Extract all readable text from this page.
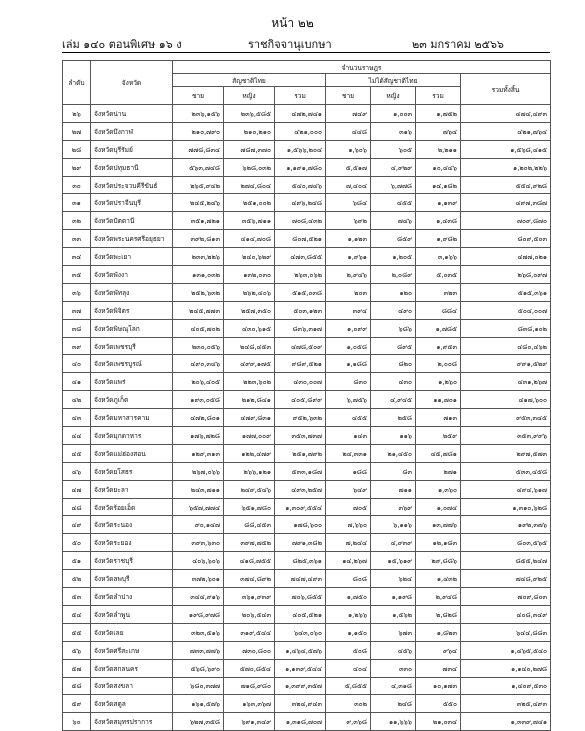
หน้า ๒๒
เล่ม ๑๔๐ ตอนพิเศษ ๑๖ ง	ราชกิจจานุเบกษา	๒๓ มกราคม ๒๕๖๖
ลำดับ	จังหวัด	จำนวนราษฎร						
		สัญชาติไทย			ไม่ได้สัญชาติไทย			รวมทั้งสิ้น
		ชาย	หญิง	รวม	ชาย	หญิง	รวม	
๒๖	จังหวัดน่าน	๒๓๖,๑๕๖	๒๓๖,๕๘๕	๔๗๒,๗๔๑	๗๔๙	๑,๐๐๓	๑,๗๕๒	๔๗๔,๔๙๓
๒๗	จังหวัดบึงกาฬ	๒๑๐,๗๙๐	๒๑๐,๒๑๐	๔๒๑,๐๐๐	๔๔๘	๓๑๖	๗๖๔	๔๒๑,๗๖๔
๒๘	จังหวัดบุรีรัมย์	๗๗๘,๘๓๔	๗๘๗,๓๗๐	๑,๕๖๖,๒๐๔	๑,๖๐๖	๖๐๕	๒,๒๑๑	๑,๕๖๘,๔๑๕
๒๙	จังหวัดปทุมธานี	๕๖๓,๗๔๘	๖๒๘,๐๓๒	๑,๑๙๑,๗๘๐	๕,๕๑๗	๔,๙๒๙	๑๐,๔๔๖	๑,๒๐๒,๒๒๖
๓๐	จังหวัดประจวบคีรีขันธ์	๒๖๕,๙๔๒	๒๗๔,๘๐๔	๕๔๐,๗๔๖	๗,๔๐๔	๖,๗๗๘	๑๔,๑๘๒	๕๕๔,๙๒๘
๓๑	จังหวัดปราจีนบุรี	๒๔๕,๒๔๖	๒๕๑,๐๐๒	๔๙๖,๒๔๘	๖๘๔	๔๕๕	๑,๑๓๙	๔๙๗,๓๘๗
๓๒	จังหวัดปัตตานี	๓๕๑,๗๒๑	๓๕๖,๗๑๑	๗๐๘,๔๓๒	๖๙๒	๗๔๖	๑,๔๓๘	๗๐๙,๘๗๐
๓๓	จังหวัดพระนครศรีอยุธยา	๓๙๒,๘๑๓	๔๑๔,๗๐๘	๘๐๗,๕๒๑	๑,๑๒๓	๘๕๙	๑,๙๘๒	๘๐๙,๕๐๓
๓๔	จังหวัดพะเยา	๒๓๓,๒๒๖	๒๔๐,๖๒๙	๔๗๓,๘๕๕	๑,๙๖๑	๑,๒๐๕	๓,๑๖๖	๔๗๗,๐๒๑
๓๕	จังหวัดพังงา	๑๓๑,๐๓๒	๑๓๒,๐๓๐	๒๖๓,๐๖๒	๒,๙๔๖	๒,๐๘๙	๕,๐๓๕	๒๖๘,๐๙๗
๓๖	จังหวัดพัทลุง	๒๕๒,๖๓๒	๒๖๒,๔๐๖	๕๑๕,๐๓๘	๒๐๓	๑๒๐	๓๒๓	๕๑๕,๓๖๑
๓๗	จังหวัดพิจิตร	๒๔๕,๗๗๓	๒๕๗,๓๕๐	๕๐๓,๑๒๓	๓๙๔	๔๙๐	๘๘๔	๕๐๔,๐๐๗
๓๘	จังหวัดพิษณุโลก	๔๐๕,๗๐๒	๔๓๐,๖๑๕	๘๓๖,๓๑๗	๑,๐๙๙	๖๘๖	๑,๗๘๕	๘๓๘,๑๐๒
๓๙	จังหวัดเพชรบุรี	๒๓๐,๐๕๖	๒๔๘,๔๕๓	๔๗๘,๕๐๙	๑,๐๕๘	๘๙๕	๑,๙๕๓	๔๘๐,๔๖๒
๔๐	จังหวัดเพชรบูรณ์	๔๙๐,๓๔๖	๔๙๙,๑๗๕	๙๘๙,๕๒๑	๑,๑๘๘	๘๒๐	๒,๐๐๘	๙๙๑,๕๒๙
๔๑	จังหวัดแพร่	๒๐๖,๔๐๕	๒๒๓,๖๐๒	๔๓๐,๐๐๗	๘๓๐	๔๓๐	๑,๒๖๐	๔๓๑,๒๖๗
๔๒	จังหวัดภูเก็ต	๑๙๓,๐๕๘	๒๑๒,๘๔๑	๔๐๕,๘๙๙	๖,๗๕๖	๔,๙๔๕	๑๑,๗๐๑	๔๑๗,๖๐๐
๔๓	จังหวัดมหาสารคาม	๔๗๒,๘๐๑	๔๗๙,๘๓๑	๙๕๒,๖๓๒	๔๕๕	๒๕๘	๗๑๓	๙๕๓,๓๔๕
๔๔	จังหวัดมุกดาหาร	๑๗๖,๗๒๘	๑๗๗,๐๐๙	๓๕๓,๗๓๗	๑๔๓	๑๑๖	๒๕๙	๓๕๓,๙๙๖
๔๕	จังหวัดแม่ฮ่องสอน	๑๒๙,๓๑๓	๑๒๒,๔๗๙	๒๕๑,๗๙๒	๒๔,๓๓๑	๒๑,๔๕๐	๔๕,๗๘๑	๒๙๗,๕๗๓
๔๖	จังหวัดยโสธร	๒๖๗,๐๖๖	๒๖๖,๑๒๑	๕๓๓,๑๘๗	๑๘๘	๘๓	๒๗๑	๕๓๓,๔๕๘
๔๗	จังหวัดยะลา	๒๔๓,๗๑๑	๒๔๙,๕๔๖	๔๙๓,๒๕๗	๖๔๙	๗๑๑	๑,๓๖๐	๔๙๔,๖๑๗
๔๘	จังหวัดร้อยเอ็ด	๖๕๗,๗๗๔	๖๕๑,๗๘๐	๑,๓๐๙,๕๕๔	๗๐๕	๓๖๙	๑,๐๗๔	๑,๓๑๐,๖๒๘
๔๙	จังหวัดระนอง	๙๐,๑๔๗	๘๘,๔๕๓	๑๗๘,๖๐๐	๗,๖๖๐	๖,๑๑๖	๑๓,๗๗๖	๑๙๒,๓๗๖
๕๐	จังหวัดระยอง	๓๙๓,๖๓๐	๓๙๗,๗๕๒	๗๙๑,๓๘๒	๗,๒๔๔	๔,๙๓๙	๑๒,๑๘๓	๘๐๓,๕๖๕
๕๑	จังหวัดราชบุรี	๔๐๖,๖๐๖	๔๑๘,๗๕๕	๘๒๕,๓๖๑	๑๔,๒๖๗	๑๕,๖๑๙	๒๙,๘๘๖	๘๕๕,๒๔๗
๕๒	จังหวัดลพบุรี	๓๗๒,๖๐๑	๓๗๔,๘๙๒	๗๔๗,๔๙๓	๘๐๘	๖๒๔	๑,๔๓๒	๗๔๘,๙๒๕
๕๓	จังหวัดลำปาง	๓๔๔,๙๑๖	๓๖๑,๙๓๙	๗๐๖,๘๕๕	๑,๗๕๐	๑,๑๙๘	๒,๙๔๘	๗๐๙,๘๐๓
๕๔	จังหวัดลำพูน	๑๙๘,๙๗๘	๒๐๖,๕๔๓	๔๐๕,๕๒๑	๑,๒๖๖	๑,๕๖๒	๒,๘๒๘	๔๐๘,๓๔๙
๕๕	จังหวัดเลย	๓๒๓,๕๑๖	๓๑๙,๕๔๔	๖๔๓,๐๖๐	๑,๑๕๐	๖๗๓	๑,๘๒๓	๖๔๔,๘๘๓
๕๖	จังหวัดศรีสะเกษ	๗๓๓,๗๗๖	๗๓๐,๘๐๐	๑,๔๖๔,๕๗๖	๕๐๘	๔๕๖	๙๖๔	๑,๔๖๕,๕๔๐
๕๗	จังหวัดสกลนคร	๕๖๘,๖๙๐	๕๗๐,๘๕๔	๑,๑๓๙,๕๔๔	๔๐๔	๓๓๐	๗๓๔	๑,๑๔๐,๒๗๘
๕๘	จังหวัดสงขลา	๖๘๐,๓๗๗	๗๑๘,๙๘๐	๑,๓๙๙,๓๕๗	๕,๘๕๕	๔,๓๑๘	๑๐,๑๗๓	๑,๔๐๙,๕๓๐
๕๙	จังหวัดสตูล	๑๖๑,๕๗๖	๑๖๓,๓๖๗	๓๒๔,๙๔๓	๓๐๒	๒๔๘	๕๕๐	๓๒๕,๔๙๓
๖๐	จังหวัดสมุทรปราการ	๖๒๗,๓๕๘	๖๙๑,๓๔๙	๑,๓๑๘,๗๐๗	๙,๓๖๘	๑๑,๖๖๖	๒๑,๐๓๔	๑,๓๓๙,๗๔๑
